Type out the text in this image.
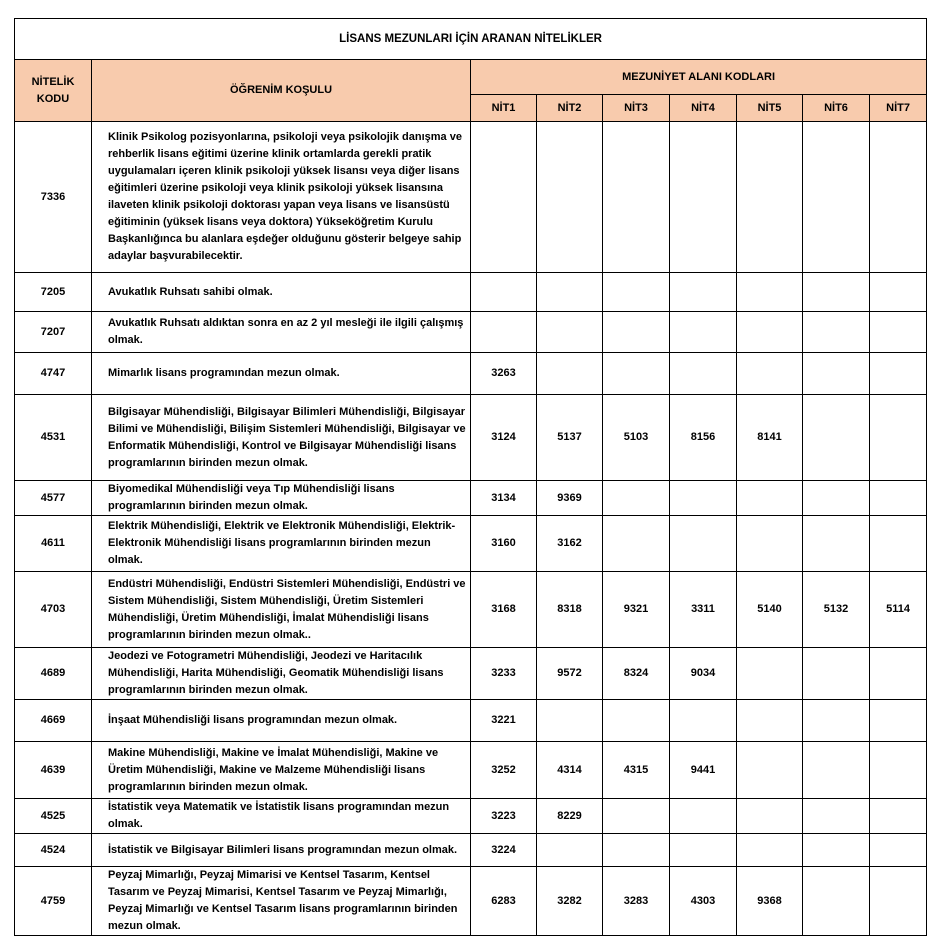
LİSANS MEZUNLARI İÇİN ARANAN NİTELİKLER								
NİTELİK KODU	ÖĞRENİM KOŞULU	MEZUNİYET ALANI KODLARI						
		NİT1	NİT2	NİT3	NİT4	NİT5	NİT6	NİT7
7336	Klinik Psikolog pozisyonlarına, psikoloji veya psikolojik danışma ve rehberlik lisans eğitimi üzerine klinik ortamlarda gerekli pratik uygulamaları içeren klinik psikoloji yüksek lisansı veya diğer lisans eğitimleri üzerine psikoloji veya klinik psikoloji yüksek lisansına ilaveten klinik psikoloji doktorası yapan veya lisans ve lisansüstü eğitiminin (yüksek lisans veya doktora) Yükseköğretim Kurulu Başkanlığınca bu alanlara eşdeğer olduğunu gösterir belgeye sahip adaylar başvurabilecektir.							
7205	Avukatlık Ruhsatı sahibi olmak.							
7207	Avukatlık Ruhsatı aldıktan sonra en az 2 yıl mesleği ile ilgili çalışmış olmak.							
4747	Mimarlık lisans programından mezun olmak.	3263						
4531	Bilgisayar Mühendisliği, Bilgisayar Bilimleri Mühendisliği, Bilgisayar Bilimi ve Mühendisliği, Bilişim Sistemleri Mühendisliği, Bilgisayar ve Enformatik Mühendisliği, Kontrol ve Bilgisayar Mühendisliği lisans programlarının birinden mezun olmak.	3124	5137	5103	8156	8141		
4577	Biyomedikal Mühendisliği veya Tıp Mühendisliği lisans programlarının birinden mezun olmak.	3134	9369					
4611	Elektrik Mühendisliği, Elektrik ve Elektronik Mühendisliği, Elektrik-Elektronik Mühendisliği lisans programlarının birinden mezun olmak.	3160	3162					
4703	Endüstri Mühendisliği, Endüstri Sistemleri Mühendisliği, Endüstri ve Sistem Mühendisliği, Sistem Mühendisliği, Üretim Sistemleri Mühendisliği, Üretim Mühendisliği, İmalat Mühendisliği lisans programlarının birinden mezun olmak..	3168	8318	9321	3311	5140	5132	5114
4689	Jeodezi ve Fotogrametri Mühendisliği, Jeodezi ve Haritacılık Mühendisliği, Harita Mühendisliği, Geomatik Mühendisliği lisans programlarının birinden mezun olmak.	3233	9572	8324	9034			
4669	İnşaat Mühendisliği lisans programından mezun olmak.	3221						
4639	Makine Mühendisliği, Makine ve İmalat Mühendisliği, Makine ve Üretim Mühendisliği, Makine ve Malzeme Mühendisliği lisans programlarının birinden mezun olmak.	3252	4314	4315	9441			
4525	İstatistik veya Matematik ve İstatistik lisans programından mezun olmak.	3223	8229					
4524	İstatistik ve Bilgisayar Bilimleri lisans programından mezun olmak.	3224						
4759	Peyzaj Mimarlığı, Peyzaj Mimarisi ve Kentsel Tasarım, Kentsel Tasarım ve Peyzaj Mimarisi, Kentsel Tasarım ve Peyzaj Mimarlığı, Peyzaj Mimarlığı ve Kentsel Tasarım lisans programlarının birinden mezun olmak.	6283	3282	3283	4303	9368		
